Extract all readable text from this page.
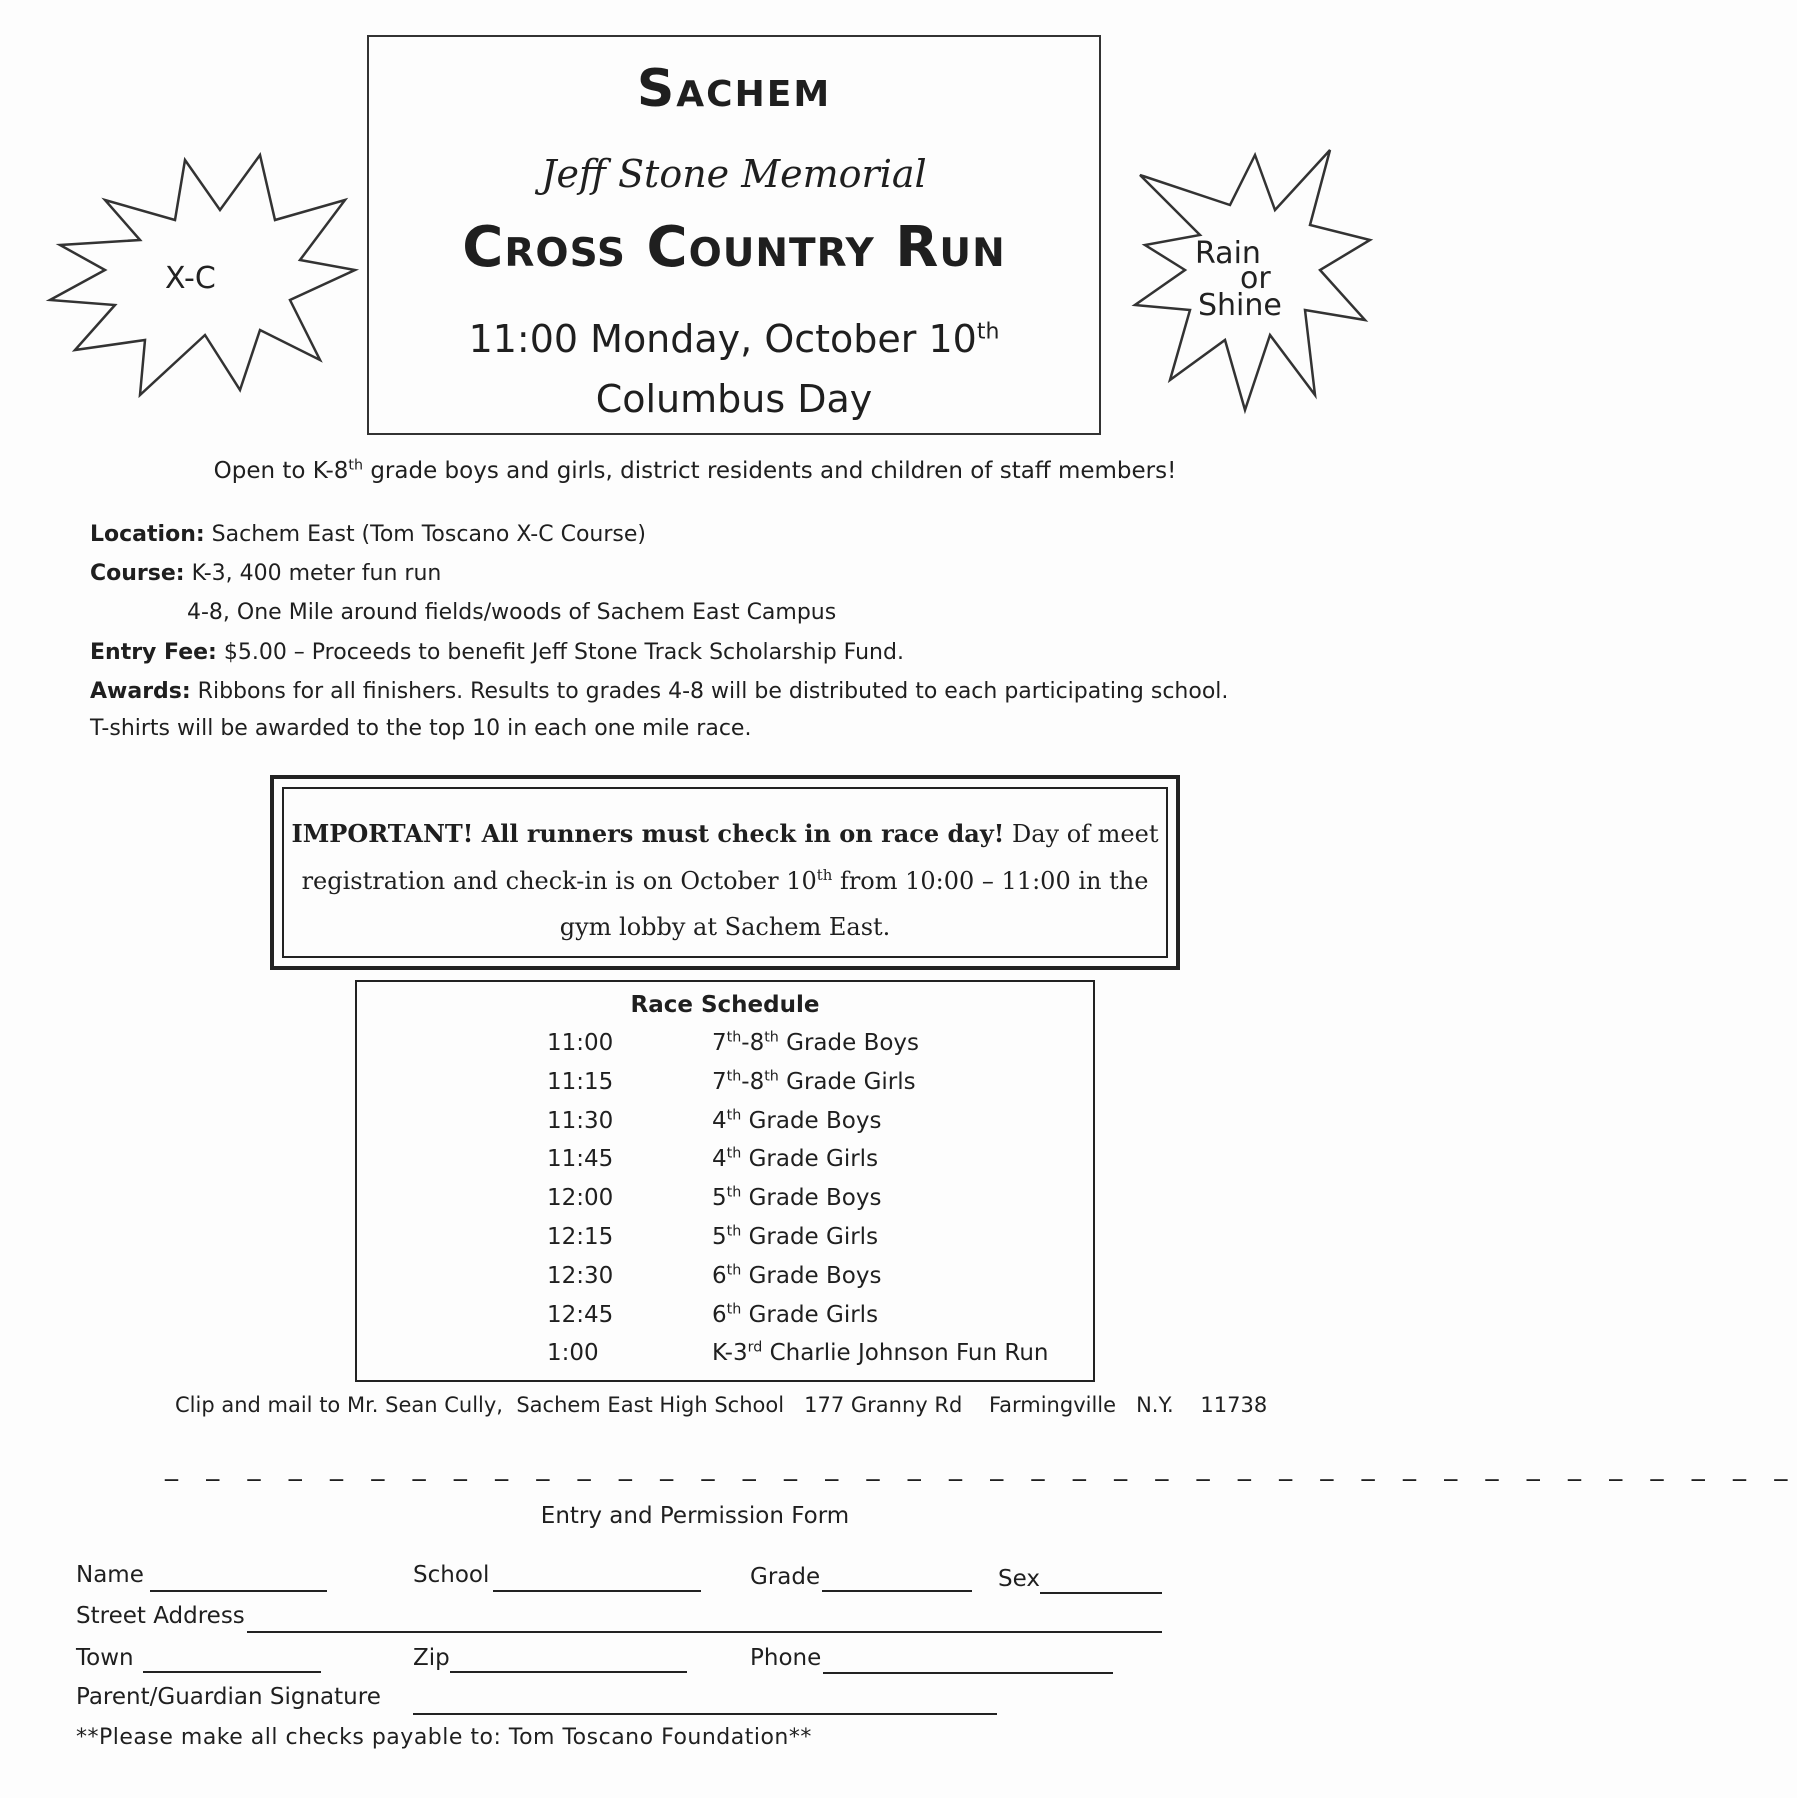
Sachem
Jeff Stone Memorial
Cross Country Run
11:00 Monday, October 10th
Columbus Day
X-C
Rain
or
Shine
Open to K-8th grade boys and girls, district residents and children of staff members!
Location: Sachem East (Tom Toscano X-C Course)
Course: K-3, 400 meter fun run
4-8, One Mile around fields/woods of Sachem East Campus
Entry Fee: $5.00 – Proceeds to benefit Jeff Stone Track Scholarship Fund.
Awards: Ribbons for all finishers. Results to grades 4-8 will be distributed to each participating school.
T-shirts will be awarded to the top 10 in each one mile race.
IMPORTANT! All runners must check in on race day! Day of meet
registration and check-in is on October 10th from 10:00 – 11:00 in the
gym lobby at Sachem East.
Race Schedule
11:00	7th-8th Grade Boys
11:15	7th-8th Grade Girls
11:30	4th Grade Boys
11:45	4th Grade Girls
12:00	5th Grade Boys
12:15	5th Grade Girls
12:30	6th Grade Boys
12:45	6th Grade Girls
1:00	K-3rd Charlie Johnson Fun Run
Clip and mail to Mr. Sean Cully,  Sachem East High School   177 Granny Rd    Farmingville   N.Y.    11738
_ _ _ _ _ _ _ _ _ _ _ _ _ _ _ _ _ _ _ _ _ _ _ _ _ _ _ _ _ _ _ _ _ _ _ _ _ _ _ _
Entry and Permission Form
Name	School	Grade	Sex
Street Address
Town	Zip	Phone
Parent/Guardian Signature
**Please make all checks payable to: Tom Toscano Foundation**
